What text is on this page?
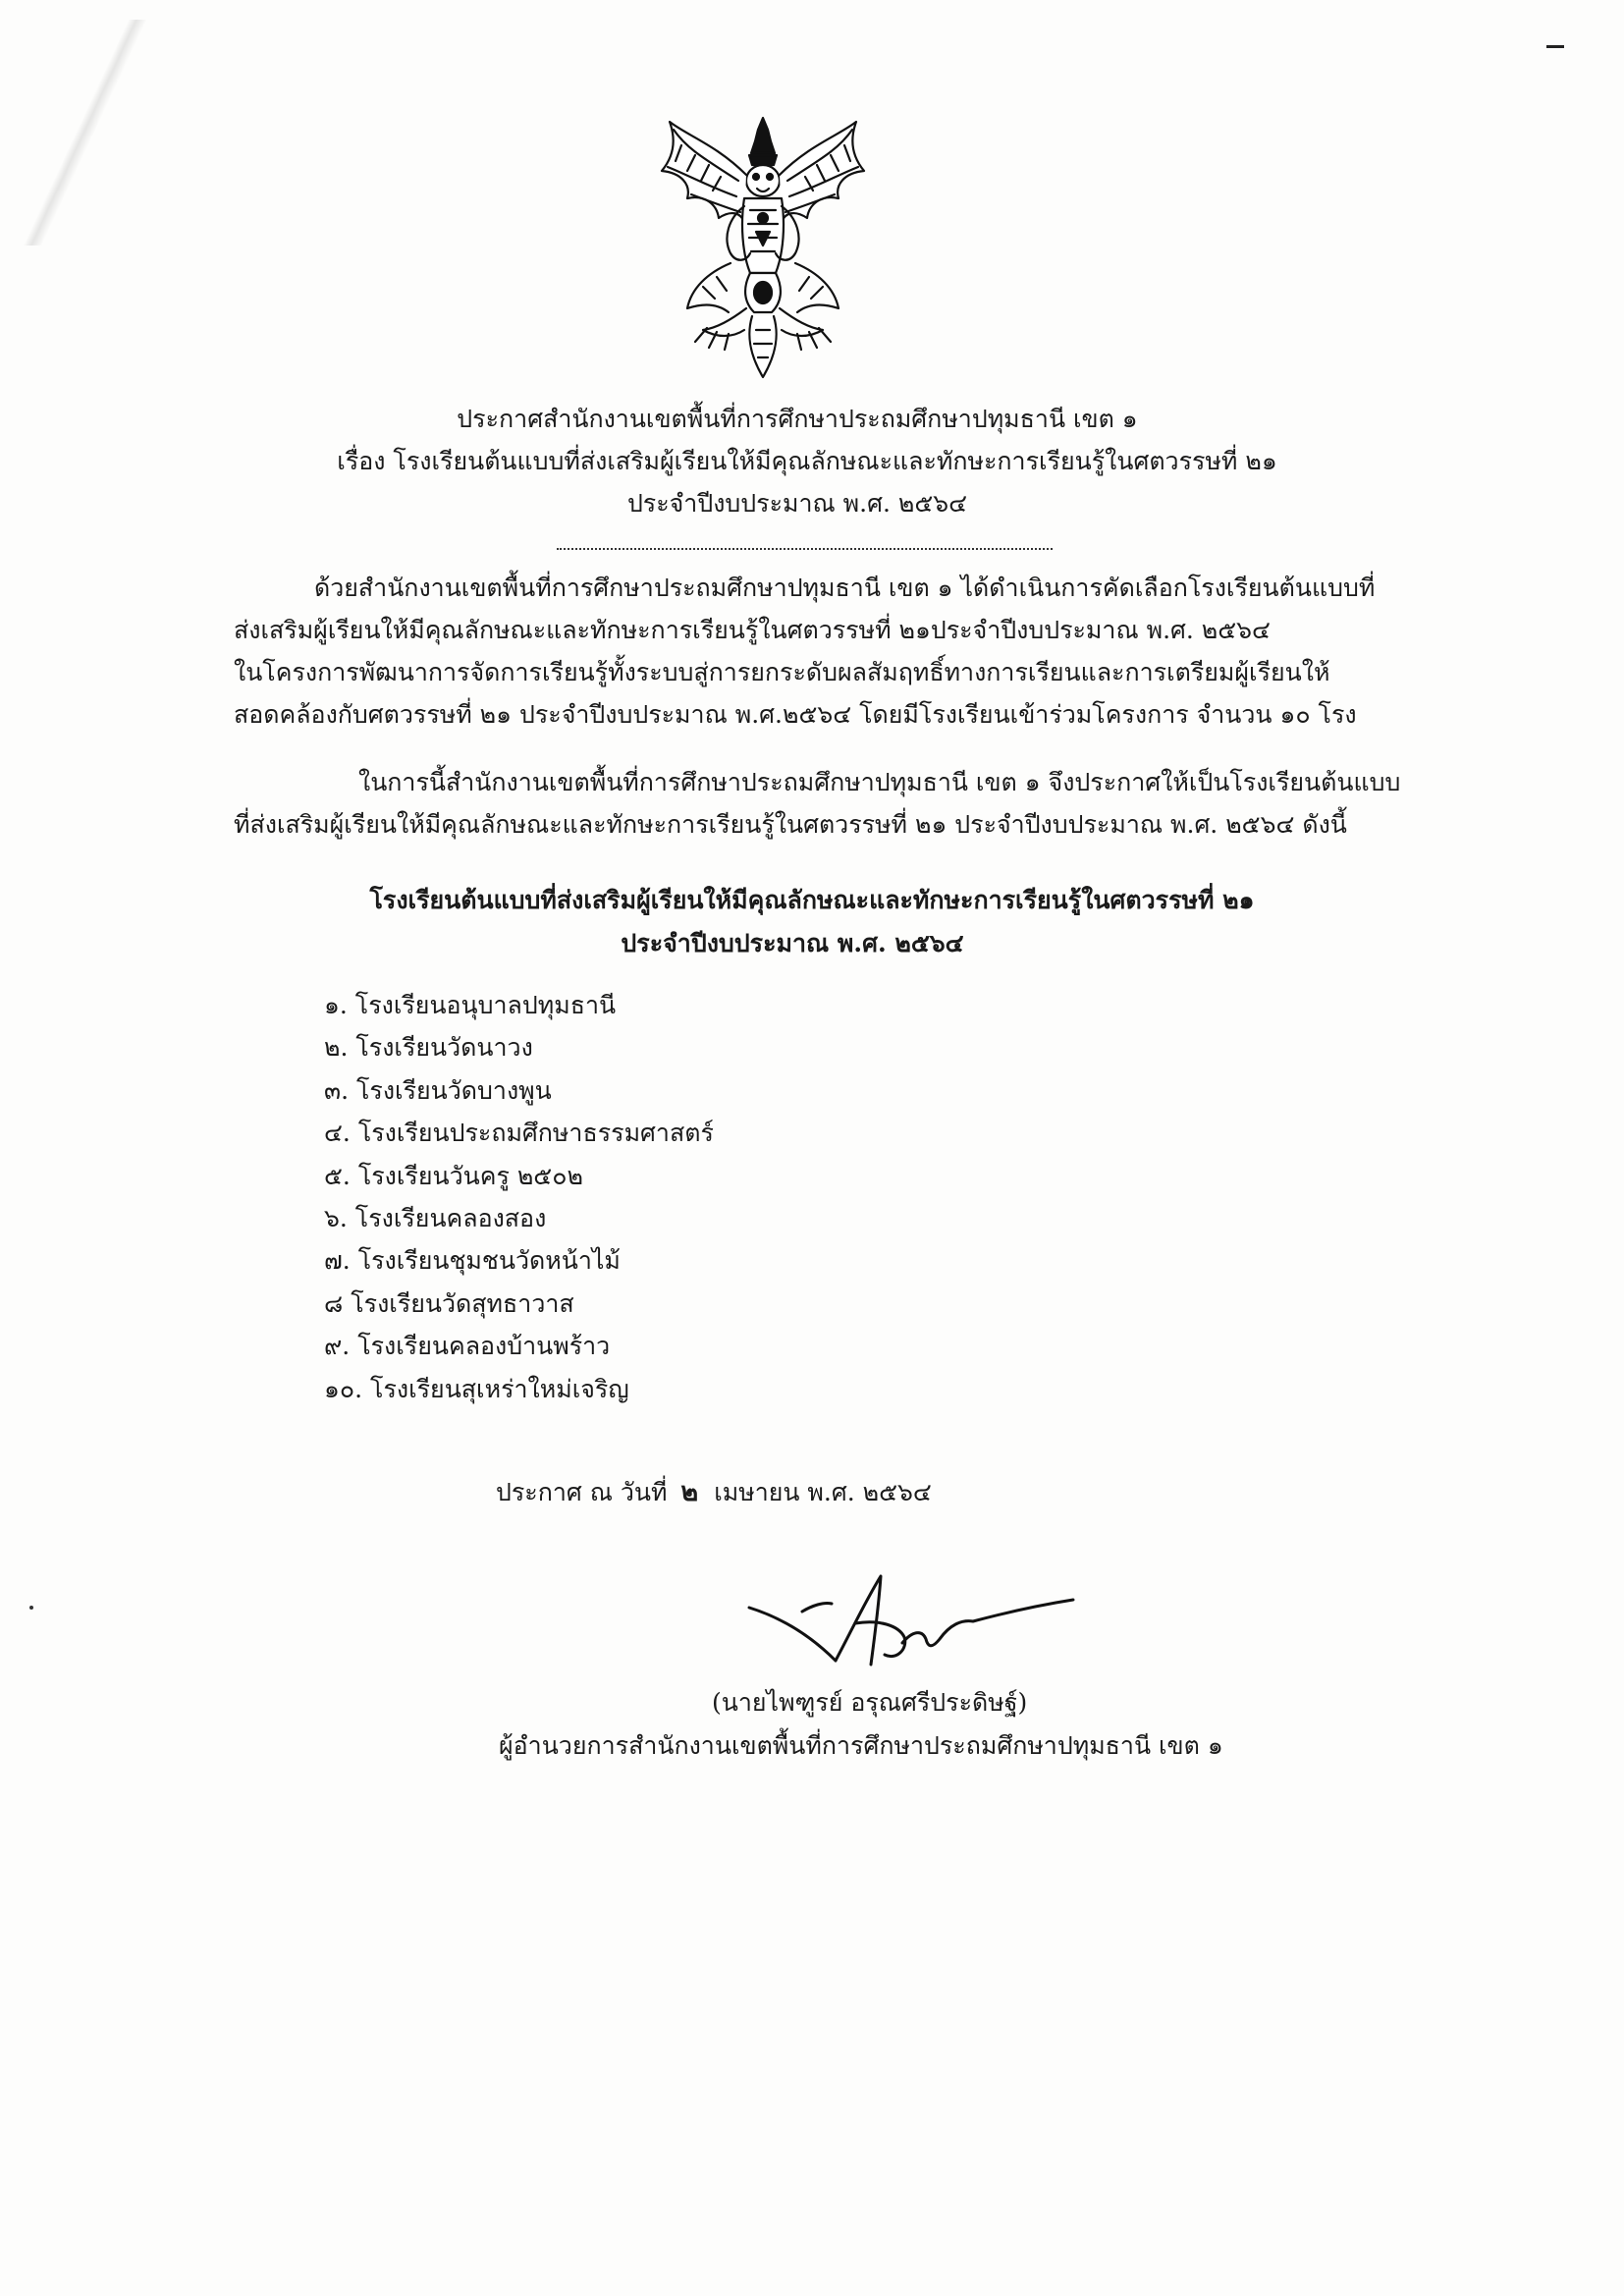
ประกาศสำนักงานเขตพื้นที่การศึกษาประถมศึกษาปทุมธานี เขต ๑
เรื่อง โรงเรียนต้นแบบที่ส่งเสริมผู้เรียนให้มีคุณลักษณะและทักษะการเรียนรู้ในศตวรรษที่ ๒๑
ประจำปีงบประมาณ พ.ศ. ๒๕๖๔
ด้วยสำนักงานเขตพื้นที่การศึกษาประถมศึกษาปทุมธานี เขต ๑ ได้ดำเนินการคัดเลือกโรงเรียนต้นแบบที่
ส่งเสริมผู้เรียนให้มีคุณลักษณะและทักษะการเรียนรู้ในศตวรรษที่ ๒๑ประจำปีงบประมาณ พ.ศ. ๒๕๖๔
ในโครงการพัฒนาการจัดการเรียนรู้ทั้งระบบสู่การยกระดับผลสัมฤทธิ์ทางการเรียนและการเตรียมผู้เรียนให้
สอดคล้องกับศตวรรษที่ ๒๑ ประจำปีงบประมาณ พ.ศ.๒๕๖๔ โดยมีโรงเรียนเข้าร่วมโครงการ จำนวน ๑๐ โรง
ในการนี้สำนักงานเขตพื้นที่การศึกษาประถมศึกษาปทุมธานี เขต ๑ จึงประกาศให้เป็นโรงเรียนต้นแบบ
ที่ส่งเสริมผู้เรียนให้มีคุณลักษณะและทักษะการเรียนรู้ในศตวรรษที่ ๒๑ ประจำปีงบประมาณ พ.ศ. ๒๕๖๔ ดังนี้
โรงเรียนต้นแบบที่ส่งเสริมผู้เรียนให้มีคุณลักษณะและทักษะการเรียนรู้ในศตวรรษที่ ๒๑
ประจำปีงบประมาณ พ.ศ. ๒๕๖๔
๑. โรงเรียนอนุบาลปทุมธานี
๒. โรงเรียนวัดนาวง
๓. โรงเรียนวัดบางพูน
๔. โรงเรียนประถมศึกษาธรรมศาสตร์
๕. โรงเรียนวันครู ๒๕๐๒
๖. โรงเรียนคลองสอง
๗. โรงเรียนชุมชนวัดหน้าไม้
๘ โรงเรียนวัดสุทธาวาส
๙. โรงเรียนคลองบ้านพร้าว
๑๐. โรงเรียนสุเหร่าใหม่เจริญ
ประกาศ ณ วันที่ ๒ เมษายน พ.ศ. ๒๕๖๔
(นายไพฑูรย์ อรุณศรีประดิษฐ์)
ผู้อำนวยการสำนักงานเขตพื้นที่การศึกษาประถมศึกษาปทุมธานี เขต ๑
